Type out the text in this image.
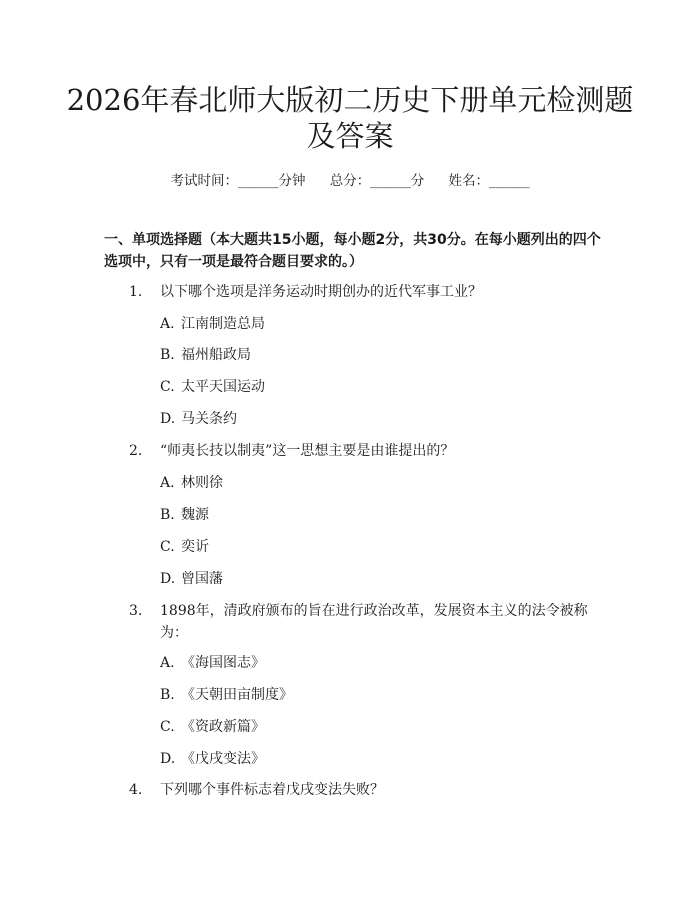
2026年春北师大版初二历史下册单元检测题
及答案
考试时间：______分钟 总分：______分 姓名：______
一、单项选择题（本大题共15小题，每小题2分，共30分。在每小题列出的四个选项中，只有一项是最符合题目要求的。）
1. 以下哪个选项是洋务运动时期创办的近代军事工业？
A. 江南制造总局
B. 福州船政局
C. 太平天国运动
D. 马关条约
2. “师夷长技以制夷”这一思想主要是由谁提出的？
A. 林则徐
B. 魏源
C. 奕䜣
D. 曾国藩
3. 1898年，清政府颁布的旨在进行政治改革，发展资本主义的法令被称为：
A. 《海国图志》
B. 《天朝田亩制度》
C. 《资政新篇》
D. 《戊戌变法》
4. 下列哪个事件标志着戊戌变法失败？
